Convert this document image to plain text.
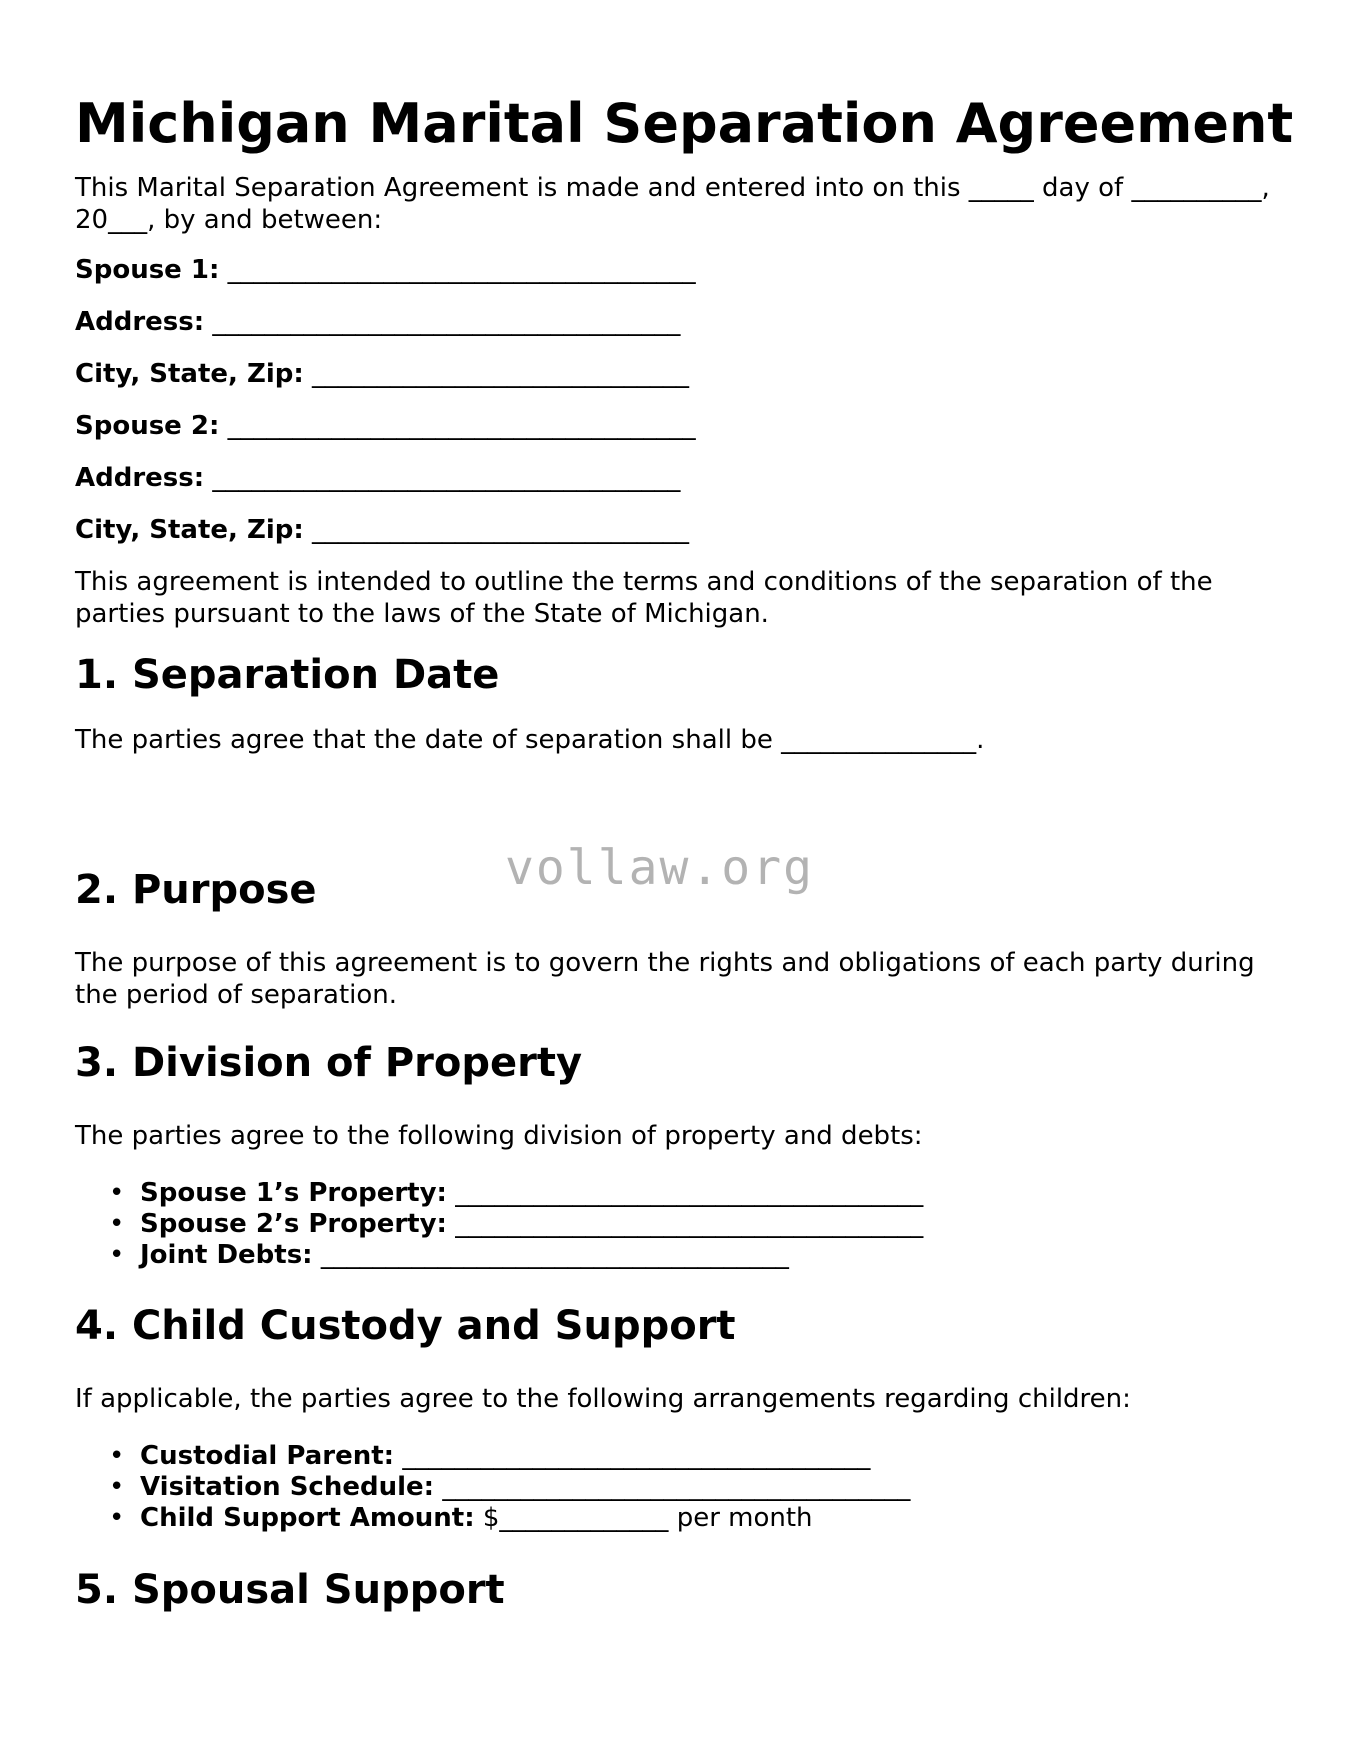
Michigan Marital Separation Agreement

This Marital Separation Agreement is made and entered into on this _____ day of __________, 20___, by and between:

Spouse 1: ____________________________________

Address: ____________________________________

City, State, Zip: _____________________________

Spouse 2: ____________________________________

Address: ____________________________________

City, State, Zip: _____________________________

This agreement is intended to outline the terms and conditions of the separation of the parties pursuant to the laws of the State of Michigan.

1. Separation Date

The parties agree that the date of separation shall be _______________.

2. Purpose

The purpose of this agreement is to govern the rights and obligations of each party during the period of separation.

3. Division of Property

The parties agree to the following division of property and debts:

• Spouse 1’s Property: ____________________________________
• Spouse 2’s Property: ____________________________________
• Joint Debts: ____________________________________
4. Child Custody and Support

If applicable, the parties agree to the following arrangements regarding children:

• Custodial Parent: ____________________________________
• Visitation Schedule: ____________________________________
• Child Support Amount: $_____________ per month
5. Spousal Support
vollaw.org
